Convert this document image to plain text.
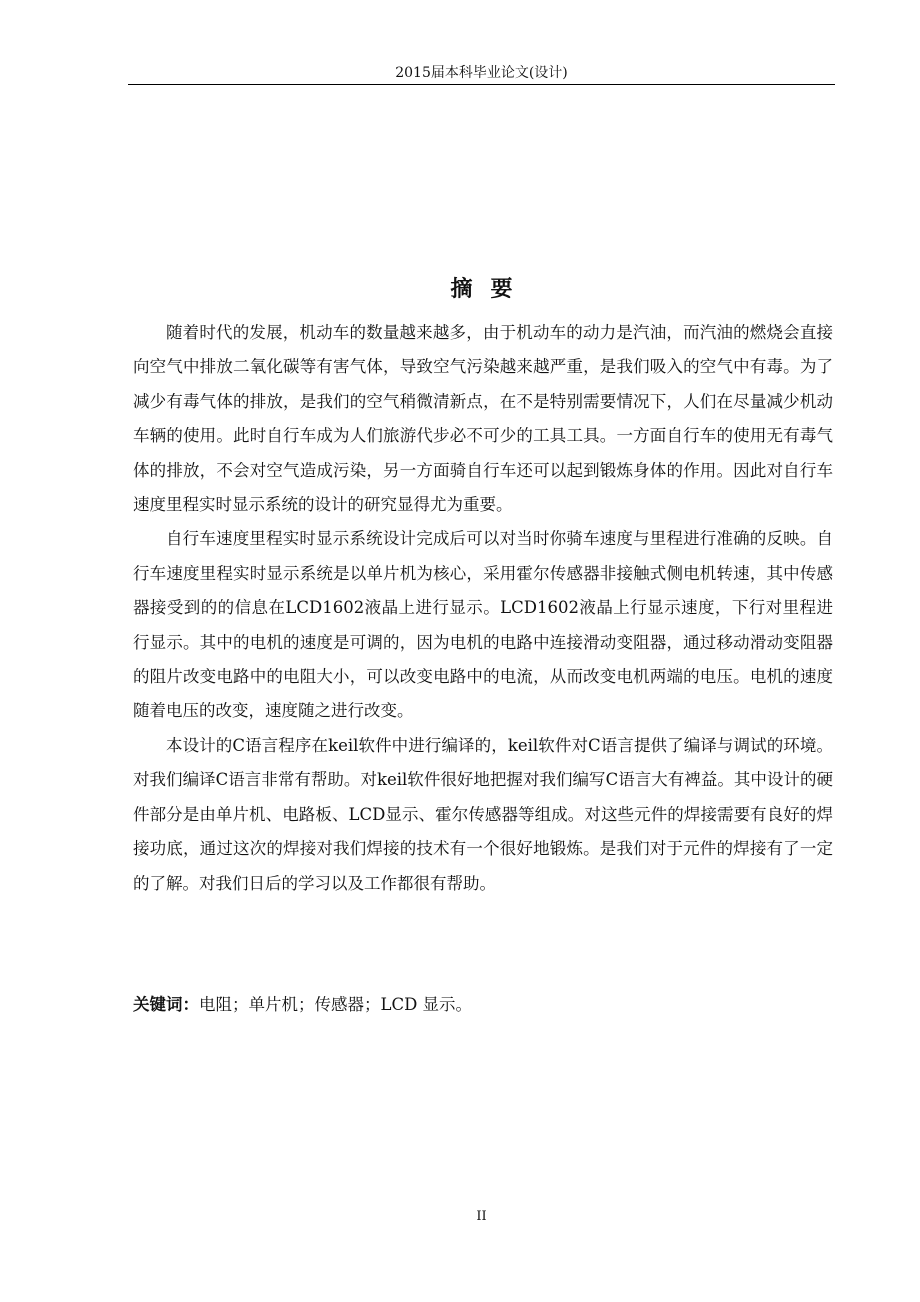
2015届本科毕业论文(设计)
摘要

随着时代的发展，机动车的数量越来越多，由于机动车的动力是汽油，而汽油的燃烧会直接向空气中排放二氧化碳等有害气体，导致空气污染越来越严重，是我们吸入的空气中有毒。为了减少有毒气体的排放，是我们的空气稍微清新点，在不是特别需要情况下，人们在尽量减少机动车辆的使用。此时自行车成为人们旅游代步必不可少的工具工具。一方面自行车的使用无有毒气体的排放，不会对空气造成污染，另一方面骑自行车还可以起到锻炼身体的作用。因此对自行车速度里程实时显示系统的设计的研究显得尤为重要。

自行车速度里程实时显示系统设计完成后可以对当时你骑车速度与里程进行准确的反映。自行车速度里程实时显示系统是以单片机为核心，采用霍尔传感器非接触式侧电机转速，其中传感器接受到的的信息在LCD1602液晶上进行显示。LCD1602液晶上行显示速度，下行对里程进行显示。其中的电机的速度是可调的，因为电机的电路中连接滑动变阻器，通过移动滑动变阻器的阻片改变电路中的电阻大小，可以改变电路中的电流，从而改变电机两端的电压。电机的速度随着电压的改变，速度随之进行改变。

本设计的C语言程序在keil软件中进行编译的，keil软件对C语言提供了编译与调试的环境。对我们编译C语言非常有帮助。对keil软件很好地把握对我们编写C语言大有裨益。其中设计的硬件部分是由单片机、电路板、LCD显示、霍尔传感器等组成。对这些元件的焊接需要有良好的焊接功底，通过这次的焊接对我们焊接的技术有一个很好地锻炼。是我们对于元件的焊接有了一定的了解。对我们日后的学习以及工作都很有帮助。

关键词：电阻；单片机；传感器；LCD 显示。
II
